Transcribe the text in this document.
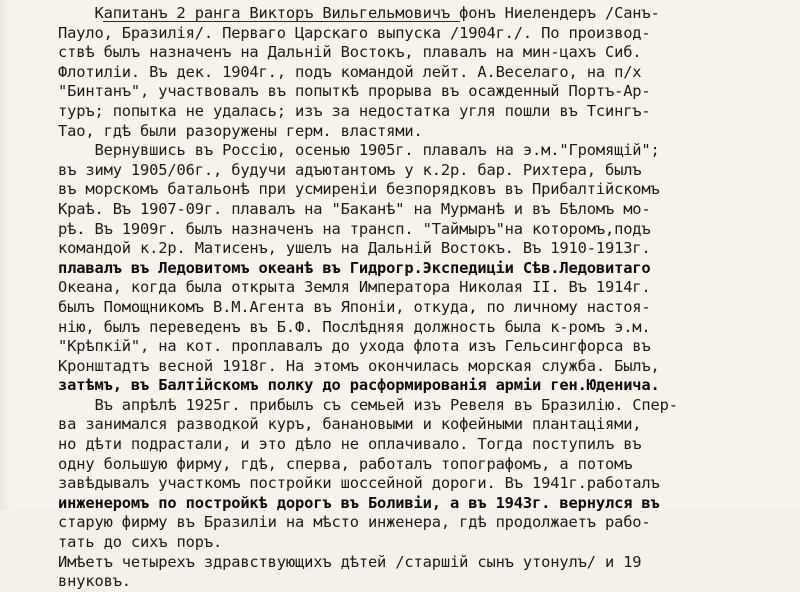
Капитанъ 2 ранга Викторъ Вильгельмовичъ фонъ Ниелендеръ /Санъ-
Пауло, Бразилія/. Перваго Царскаго выпуска /1904г./. По производ-
ствѣ былъ назначенъ на Дальній Востокъ, плавалъ на мин-цахъ Сиб.
Флотиліи. Въ дек. 1904г., подъ командой лейт. А.Веселаго, на п/х
"Бинтанъ", участвовалъ въ попыткѣ прорыва въ осажденный Портъ-Ар-
туръ; попытка не удалась; изъ за недостатка угля пошли въ Тсингъ-
Тао, гдѣ были разоружены герм. властями.
Вернувшись въ Россію, осенью 1905г. плавалъ на э.м."Громящій";
въ зиму 1905/06г., будучи адъютантомъ у к.2р. бар. Рихтера, былъ
въ морскомъ батальонѣ при усмиреніи безпорядковъ въ Прибалтійскомъ
Краѣ. Въ 1907-09г. плавалъ на "Баканѣ" на Мурманѣ и въ Бѣломъ мо-
рѣ. Въ 1909г. былъ назначенъ на трансп. "Таймыръ"на которомъ,подъ
командой к.2р. Матисенъ, ушелъ на Дальній Востокъ. Въ 1910-1913г.
плавалъ въ Ледовитомъ океанѣ въ Гидрогр.Экспедиціи Сѣв.Ледовитаго
Океана, когда была открыта Земля Императора Николая II. Въ 1914г.
былъ Помощникомъ В.М.Агента въ Японіи, откуда, по личному настоя-
нію, былъ переведенъ въ Б.Ф. Послѣдняя должность была к-ромъ э.м.
"Крѣпкій", на кот. проплавалъ до ухода флота изъ Гельсингфорса въ
Кронштадтъ весной 1918г. На этомъ окончилась морская служба. Былъ,
затѣмъ, въ Балтійскомъ полку до расформированія арміи ген.Юденича.
Въ апрѣлѣ 1925г. прибылъ съ семьей изъ Ревеля въ Бразилію. Спер-
ва занимался разводкой куръ, банановыми и кофейными плантаціями,
но дѣти подрастали, и это дѣло не оплачивало. Тогда поступилъ въ
одну большую фирму, гдѣ, сперва, работалъ топографомъ, а потомъ
завѣдывалъ участкомъ постройки шоссейной дороги. Въ 1941г.работалъ
инженеромъ по постройкѣ дорогъ въ Боливіи, а въ 1943г. вернулся въ
старую фирму въ Бразиліи на мѣсто инженера, гдѣ продолжаетъ рабо-
тать до сихъ поръ.
Имѣетъ четырехъ здравствующихъ дѣтей /старшій сынъ утонулъ/ и 19
внуковъ.
